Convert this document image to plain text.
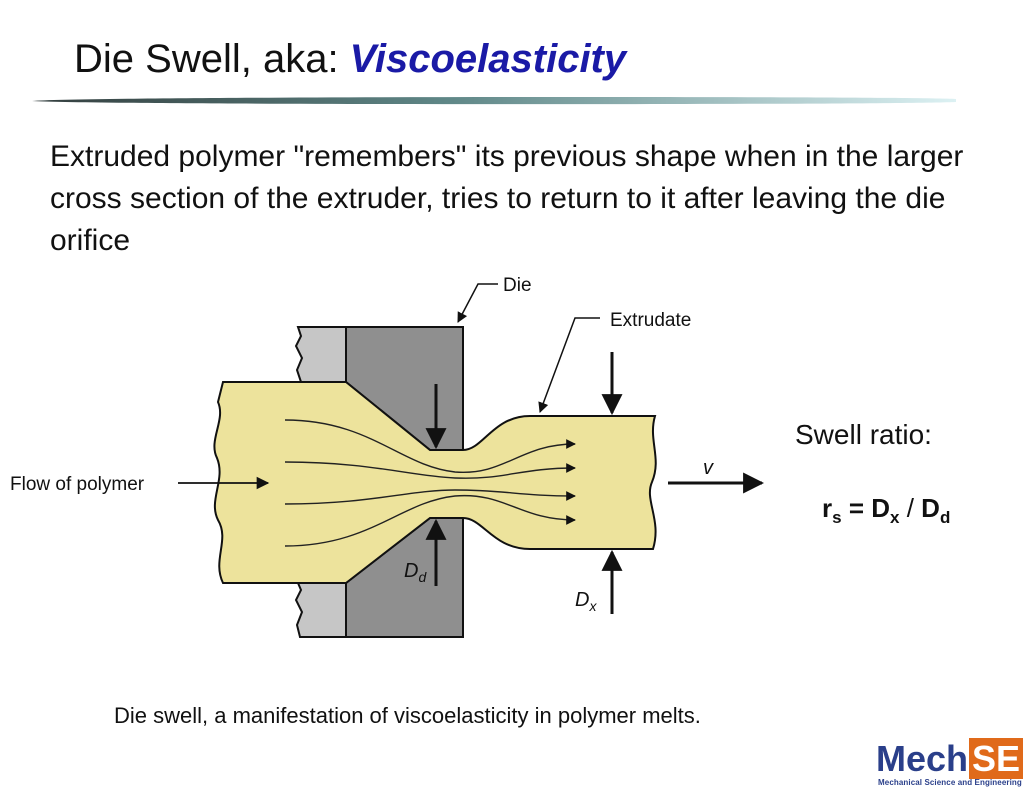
Die Swell, aka: Viscoelasticity
Extruded polymer "remembers" its previous shape when in the larger cross section of the extruder, tries to return to it after leaving the die orifice
Die
Extrudate
Flow of polymer
v
$D_d$
$D_x$
Swell ratio:
$r_s = D_x / D_d$
Die swell, a manifestation of viscoelasticity in polymer melts.
Mech SE
Mechanical Science and Engineering
